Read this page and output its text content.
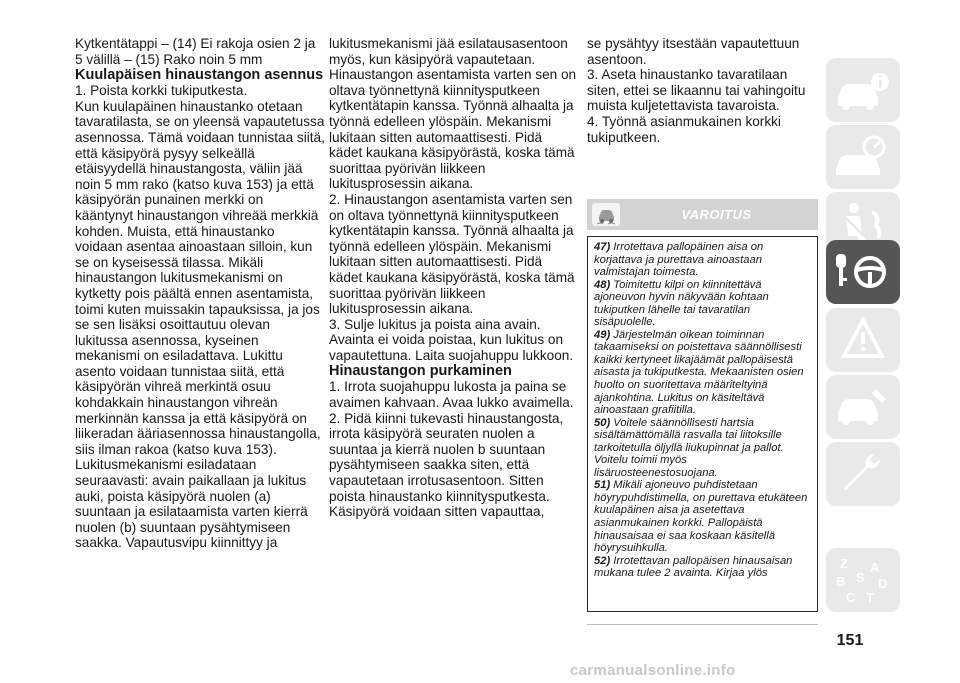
Kytkentätappi – (14) Ei rakoja osien 2 ja 5 välillä – (15) Rako noin 5 mm

Kuulapäisen hinaustangon asennus

1. Poista korkki tukiputkesta.

Kun kuulapäinen hinaustanko otetaan tavaratilasta, se on yleensä vapautetussa asennossa. Tämä voidaan tunnistaa siitä, että käsipyörä pysyy selkeällä etäisyydellä hinaustangosta, väliin jää noin 5 mm rako (katso kuva 153) ja että käsipyörän punainen merkki on kääntynyt hinaustangon vihreää merkkiä kohden. Muista, että hinaustanko voidaan asentaa ainoastaan silloin, kun se on kyseisessä tilassa. Mikäli hinaustangon lukitusmekanismi on kytketty pois päältä ennen asentamista, toimi kuten muissakin tapauksissa, ja jos se sen lisäksi osoittautuu olevan lukitussa asennossa, kyseinen mekanismi on esiladattava. Lukittu asento voidaan tunnistaa siitä, että käsipyörän vihreä merkintä osuu kohdakkain hinaustangon vihreän merkinnän kanssa ja että käsipyörä on liikeradan ääriasennossa hinaustangolla, siis ilman rakoa (katso kuva 153).

Lukitusmekanismi esiladataan seuraavasti: avain paikallaan ja lukitus auki, poista käsipyörä nuolen (a) suuntaan ja esilataamista varten kierrä nuolen (b) suuntaan pysähtymiseen saakka. Vapautusvipu kiinnittyy ja

lukitusmekanismi jää esilatausasentoon myös, kun käsipyörä vapautetaan. Hinaustangon asentamista varten sen on oltava työnnettynä kiinnitysputkeen kytkentätapin kanssa. Työnnä alhaalta ja työnnä edelleen ylöspäin. Mekanismi lukitaan sitten automaattisesti. Pidä kädet kaukana käsipyörästä, koska tämä suorittaa pyörivän liikkeen lukitusprosessin aikana.

2. Hinaustangon asentamista varten sen on oltava työnnettynä kiinnitysputkeen kytkentätapin kanssa. Työnnä alhaalta ja työnnä edelleen ylöspäin. Mekanismi lukitaan sitten automaattisesti. Pidä kädet kaukana käsipyörästä, koska tämä suorittaa pyörivän liikkeen lukitusprosessin aikana.

3. Sulje lukitus ja poista aina avain. Avainta ei voida poistaa, kun lukitus on vapautettuna. Laita suojahuppu lukkoon.

Hinaustangon purkaminen

1. Irrota suojahuppu lukosta ja paina se avaimen kahvaan. Avaa lukko avaimella.

2. Pidä kiinni tukevasti hinaustangosta, irrota käsipyörä seuraten nuolen a suuntaa ja kierrä nuolen b suuntaan pysähtymiseen saakka siten, että vapautetaan irrotusasentoon. Sitten poista hinaustanko kiinnitysputkesta. Käsipyörä voidaan sitten vapauttaa,

se pysähtyy itsestään vapautettuun asentoon.

3. Aseta hinaustanko tavaratilaan siten, ettei se likaannu tai vahingoitu muista kuljetettavista tavaroista.

4. Työnnä asianmukainen korkki tukiputkeen.

VAROITUS

47) Irrotettava pallopäinen aisa on korjattava ja purettava ainoastaan valmistajan toimesta.

48) Toimitettu kilpi on kiinnitettävä ajoneuvon hyvin näkyvään kohtaan tukiputken lähelle tai tavaratilan sisäpuolelle.

49) Järjestelmän oikean toiminnan takaamiseksi on poistettava säännöllisesti kaikki kertyneet likajäämät pallopäisestä aisasta ja tukiputkesta. Mekaanisten osien huolto on suoritettava määriteltyinä ajankohtina. Lukitus on käsiteltävä ainoastaan grafiitilla.

50) Voitele säännöllisesti hartsia sisältämättömällä rasvalla tai liitoksille tarkoitetulla öljyllä liukupinnat ja pallot. Voitelu toimii myös lisäruosteenestosuojana.

51) Mikäli ajoneuvo puhdistetaan höyrypuhdistimella, on purettava etukäteen kuulapäinen aisa ja asetettava asianmukainen korkki. Pallopäistä hinausaisaa ei saa koskaan käsitellä höyrysuihkulla.

52) Irrotettavan pallopäisen hinausaisan mukana tulee 2 avainta. Kirjaa ylös

151
Z A
B S D
C T
carmanualsonline.info
